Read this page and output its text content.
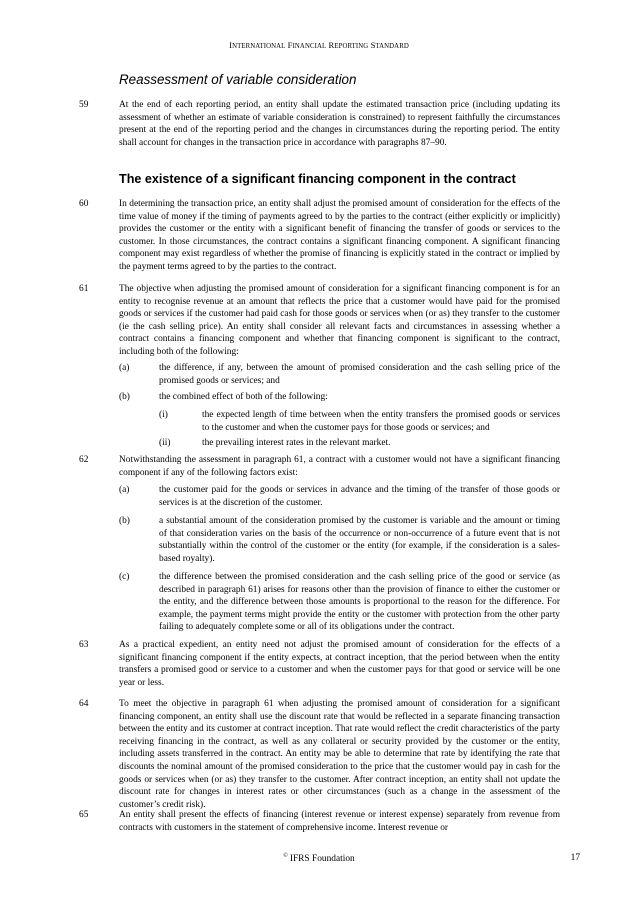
INTERNATIONAL FINANCIAL REPORTING STANDARD
Reassessment of variable consideration
59	At the end of each reporting period, an entity shall update the estimated transaction price (including updating its assessment of whether an estimate of variable consideration is constrained) to represent faithfully the circumstances present at the end of the reporting period and the changes in circumstances during the reporting period. The entity shall account for changes in the transaction price in accordance with paragraphs 87–90.
The existence of a significant financing component in the contract
60	In determining the transaction price, an entity shall adjust the promised amount of consideration for the effects of the time value of money if the timing of payments agreed to by the parties to the contract (either explicitly or implicitly) provides the customer or the entity with a significant benefit of financing the transfer of goods or services to the customer. In those circumstances, the contract contains a significant financing component. A significant financing component may exist regardless of whether the promise of financing is explicitly stated in the contract or implied by the payment terms agreed to by the parties to the contract.
61	The objective when adjusting the promised amount of consideration for a significant financing component is for an entity to recognise revenue at an amount that reflects the price that a customer would have paid for the promised goods or services if the customer had paid cash for those goods or services when (or as) they transfer to the customer (ie the cash selling price). An entity shall consider all relevant facts and circumstances in assessing whether a contract contains a financing component and whether that financing component is significant to the contract, including both of the following:
(a)	the difference, if any, between the amount of promised consideration and the cash selling price of the promised goods or services; and
(b)	the combined effect of both of the following:
(i)	the expected length of time between when the entity transfers the promised goods or services to the customer and when the customer pays for those goods or services; and
(ii)	the prevailing interest rates in the relevant market.
62	Notwithstanding the assessment in paragraph 61, a contract with a customer would not have a significant financing component if any of the following factors exist:
(a)	the customer paid for the goods or services in advance and the timing of the transfer of those goods or services is at the discretion of the customer.
(b)	a substantial amount of the consideration promised by the customer is variable and the amount or timing of that consideration varies on the basis of the occurrence or non-occurrence of a future event that is not substantially within the control of the customer or the entity (for example, if the consideration is a sales-based royalty).
(c)	the difference between the promised consideration and the cash selling price of the good or service (as described in paragraph 61) arises for reasons other than the provision of finance to either the customer or the entity, and the difference between those amounts is proportional to the reason for the difference. For example, the payment terms might provide the entity or the customer with protection from the other party failing to adequately complete some or all of its obligations under the contract.
63	As a practical expedient, an entity need not adjust the promised amount of consideration for the effects of a significant financing component if the entity expects, at contract inception, that the period between when the entity transfers a promised good or service to a customer and when the customer pays for that good or service will be one year or less.
64	To meet the objective in paragraph 61 when adjusting the promised amount of consideration for a significant financing component, an entity shall use the discount rate that would be reflected in a separate financing transaction between the entity and its customer at contract inception. That rate would reflect the credit characteristics of the party receiving financing in the contract, as well as any collateral or security provided by the customer or the entity, including assets transferred in the contract. An entity may be able to determine that rate by identifying the rate that discounts the nominal amount of the promised consideration to the price that the customer would pay in cash for the goods or services when (or as) they transfer to the customer. After contract inception, an entity shall not update the discount rate for changes in interest rates or other circumstances (such as a change in the assessment of the customer’s credit risk).
65	An entity shall present the effects of financing (interest revenue or interest expense) separately from revenue from contracts with customers in the statement of comprehensive income. Interest revenue or
© IFRS Foundation	17
